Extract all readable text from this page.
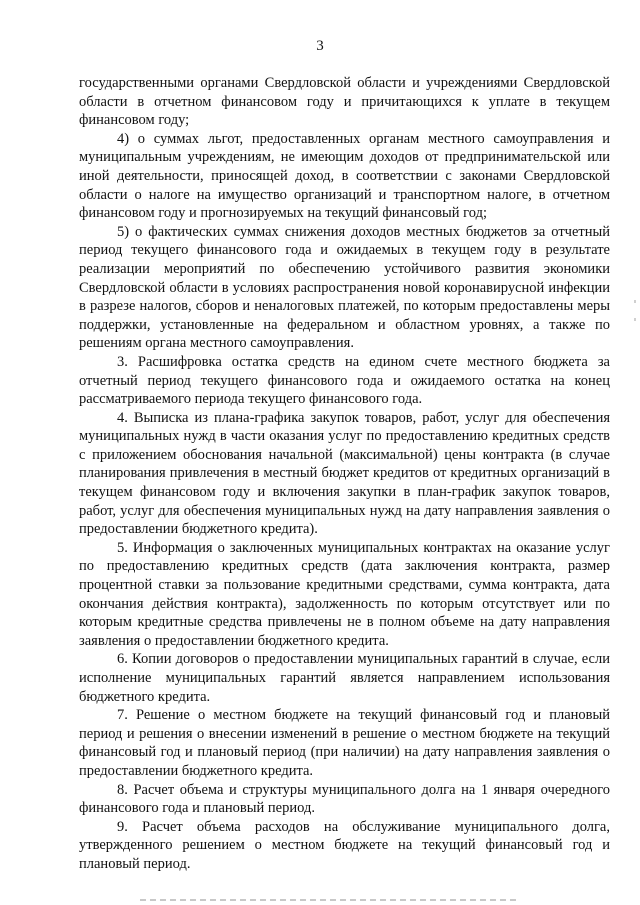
3

государственными органами Свердловской области и учреждениями Свердловской области в отчетном финансовом году и причитающихся к уплате в текущем финансовом году;

4) о суммах льгот, предоставленных органам местного самоуправления и муниципальным учреждениям, не имеющим доходов от предпринимательской или иной деятельности, приносящей доход, в соответствии с законами Свердловской области о налоге на имущество организаций и транспортном налоге, в отчетном финансовом году и прогнозируемых на текущий финансовый год;

5) о фактических суммах снижения доходов местных бюджетов за отчетный период текущего финансового года и ожидаемых в текущем году в результате реализации мероприятий по обеспечению устойчивого развития экономики Свердловской области в условиях распространения новой коронавирусной инфекции в разрезе налогов, сборов и неналоговых платежей, по которым предоставлены меры поддержки, установленные на федеральном и областном уровнях, а также по решениям органа местного самоуправления.

3. Расшифровка остатка средств на едином счете местного бюджета за отчетный период текущего финансового года и ожидаемого остатка на конец рассматриваемого периода текущего финансового года.

4. Выписка из плана-графика закупок товаров, работ, услуг для обеспечения муниципальных нужд в части оказания услуг по предоставлению кредитных средств с приложением обоснования начальной (максимальной) цены контракта (в случае планирования привлечения в местный бюджет кредитов от кредитных организаций в текущем финансовом году и включения закупки в план-график закупок товаров, работ, услуг для обеспечения муниципальных нужд на дату направления заявления о предоставлении бюджетного кредита).

5. Информация о заключенных муниципальных контрактах на оказание услуг по предоставлению кредитных средств (дата заключения контракта, размер процентной ставки за пользование кредитными средствами, сумма контракта, дата окончания действия контракта), задолженность по которым отсутствует или по которым кредитные средства привлечены не в полном объеме на дату направления заявления о предоставлении бюджетного кредита.

6. Копии договоров о предоставлении муниципальных гарантий в случае, если исполнение муниципальных гарантий является направлением использования бюджетного кредита.

7. Решение о местном бюджете на текущий финансовый год и плановый период и решения о внесении изменений в решение о местном бюджете на текущий финансовый год и плановый период (при наличии) на дату направления заявления о предоставлении бюджетного кредита.

8. Расчет объема и структуры муниципального долга на 1 января очередного финансового года и плановый период.

9. Расчет объема расходов на обслуживание муниципального долга, утвержденного решением о местном бюджете на текущий финансовый год и плановый период.
